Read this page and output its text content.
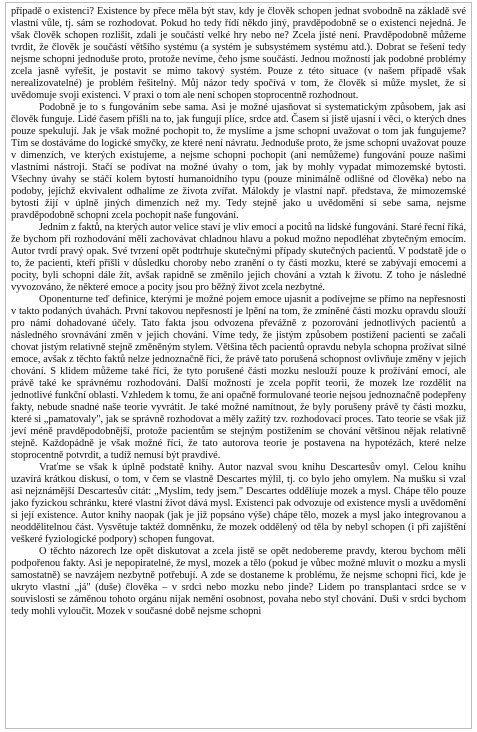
případě o existenci? Existence by přece měla být stav, kdy je člověk schopen jednat svobodně na základě své vlastní vůle, tj. sám se rozhodovat. Pokud ho tedy řídí někdo jiný, pravděpodobně se o existenci nejedná. Je však člověk schopen rozlišit, zdali je součástí velké hry nebo ne? Zcela jisté není. Pravděpodobně můžeme tvrdit, že člověk je součástí většího systému (a systém je subsystémem systému atd.). Dobrat se řešení tedy nejsme schopni jednoduše proto, protože nevíme, čeho jsme součástí. Jednou možností jak podobné problémy zcela jasně vyřešit, je postavit se mimo takový systém. Pouze z této situace (v našem případě však nerealizovatelné) je problém řešitelný. Můj názor tedy spočívá v tom, že člověk si může myslet, že si uvědomuje svoji existenci. V praxi o tom ale není schopen stoprocentně rozhodnout.

Podobně je to s fungováním sebe sama. Asi je možné ujasňovat si systematickým způsobem, jak asi člověk funguje. Lidé časem přišli na to, jak fungují plíce, srdce atd. Časem si jistě ujasní i věci, o kterých dnes pouze spekulují. Jak je však možné pochopit to, že myslíme a jsme schopni uvažovat o tom jak fungujeme? Tím se dostáváme do logické smyčky, ze které není návratu. Jednoduše proto, že jsme schopni uvažovat pouze v dimenzích, ve kterých existujeme, a nejsme schopni pochopit (ani nemůžeme) fungování pouze našimi vlastními nástroji. Stačí se podívat na možné úvahy o tom, jak by mohly vypadat mimozemské bytosti. Všechny úvahy se stáčí kolem bytostí humanoidního typu (pouze minimálně odlišné od člověka) nebo na podoby, jejichž ekvivalent odhalíme ze života zvířat. Málokdy je vlastní např. představa, že mimozemské bytosti žijí v úplně jiných dimenzích než my. Tedy stejně jako u uvědomění si sebe sama, nejsme pravděpodobně schopni zcela pochopit naše fungování.

Jedním z faktů, na kterých autor velice staví je vliv emocí a pocitů na lidské fungování. Staré řecní říká, že bychom při rozhodování měli zachovávat chladnou hlavu a pokud možno nepodléhat zbytečným emocím. Autor tvrdí pravý opak. Své tvrzení opět podtrhuje skutečnými případy skutečných pacientů. V podstatě jde o to, že pacienti, kteří přišli v důsledku choroby nebo zranění o ty části mozku, které se zabývají emocemi a pocity, byli schopni dále žít, avšak rapidně se změnilo jejich chování a vztah k životu. Z toho je následné vyvozováno, že některé emoce a pocity jsou pro běžný život zcela nezbytné.

Oponenturne teď definice, kterými je možné pojem emoce ujasnit a podívejme se přímo na nepřesnosti v takto podaných úvahách. První takovou nepřesností je lpění na tom, že zmíněné části mozku opravdu slouží pro námi dohadované účely. Tato fakta jsou odvozena převážně z pozorování jednotlivých pacientů a následného srovnávání změn v jejich chování. Víme tedy, že jistým způsobem postižení pacienti se začali chovat jistým relativně stejně změněným stylem. Většina těch pacientů opravdu nebyla schopna prožívat silné emoce, avšak z těchto faktů nelze jednoznačně říci, že právě tato porušená schopnost ovlivňuje změny v jejich chování. S klidem můžeme také říci, že tyto porušené části mozku neslouží pouze k prožívání emocí, ale právě také ke správnému rozhodování. Další možností je zcela popřít teorii, že mozek lze rozdělit na jednotlivé funkční oblasti. Vzhledem k tomu, že ani opačně formulované teorie nejsou jednoznačně podepřeny fakty, nebude snadné naše teorie vyvrátit. Je také možné namítnout, že byly porušeny právě ty části mozku, které si „pamatovaly", jak se správně rozhodovat a měly zažitý tzv. rozhodovací proces. Tato teorie se však již jeví méně pravděpodobnější, protože pacientům se stejným postižením se chování většinou nějak relativně stejně. Každopádně je však možné říci, že tato autorova teorie je postavena na hypotézách, které nelze stoprocentně potvrdit, a tudíž nemusí být pravdivé.

Vraťme se však k úplně podstatě knihy. Autor nazval svou knihu Descartesův omyl. Celou knihu uzavírá krátkou diskusí, o tom, v čem se vlastně Descartes mýlil, tj. co bylo jeho omylem. Na mušku si vzal asi nejznámější Descartesův citát: „Myslím, tedy jsem." Descartes oddělíuje mozek a mysl. Chápe tělo pouze jako fyzickou schránku, které vlastní život dává mysl. Existenci pak odvozuje od existence mysli a uvědomění si její existence. Autor knihy naopak (jak je již popsáno výše) chápe tělo, mozek a mysl jako integrovanou a neoddělitelnou část. Vysvětuje taktéž domněnku, že mozek oddělený od těla by nebyl schopen (i při zajištění veškeré fyziologické podpory) schopen fungovat.

O těchto názorech lze opět diskutovat a zcela jistě se opět nedobereme pravdy, kterou bychom měli podpořenou fakty. Asi je nepopiratelné, že mysl, mozek a tělo (pokud je vůbec možné mluvit o mozku a mysli samostatně) se navzájem nezbytně potřebují. A zde se dostaneme k problému, že nejsme schopni říci, kde je ukryto vlastní „já" (duše) člověka – v srdci nebo mozku nebo jinde? Lidem po transplantaci srdce se v souvislosti se záměnou tohoto orgánu nijak nemění osobnost, povaha nebo styl chování. Duši v srdci bychom tedy mohli vyloučit. Mozek v současné době nejsme schopni
